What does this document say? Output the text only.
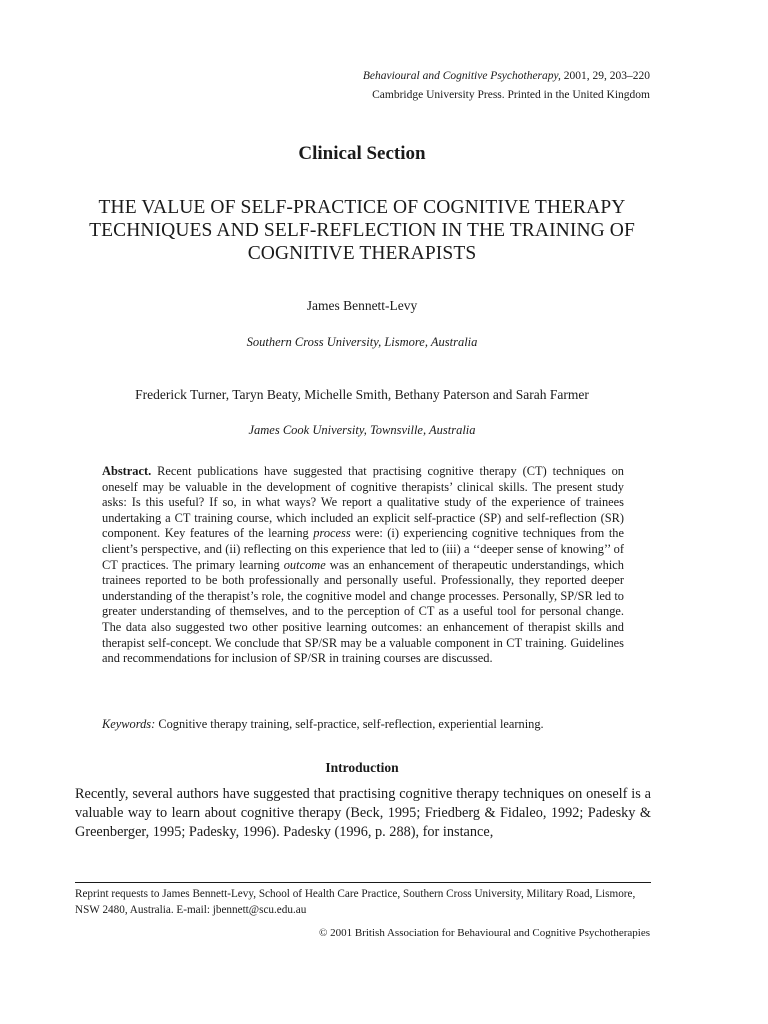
Behavioural and Cognitive Psychotherapy, 2001, 29, 203–220
Cambridge University Press. Printed in the United Kingdom
Clinical Section
THE VALUE OF SELF-PRACTICE OF COGNITIVE THERAPY TECHNIQUES AND SELF-REFLECTION IN THE TRAINING OF COGNITIVE THERAPISTS
James Bennett-Levy
Southern Cross University, Lismore, Australia
Frederick Turner, Taryn Beaty, Michelle Smith, Bethany Paterson and Sarah Farmer
James Cook University, Townsville, Australia
Abstract. Recent publications have suggested that practising cognitive therapy (CT) techniques on oneself may be valuable in the development of cognitive therapists’ clinical skills. The present study asks: Is this useful? If so, in what ways? We report a qualitative study of the experience of trainees undertaking a CT training course, which included an explicit self-practice (SP) and self-reflection (SR) component. Key features of the learning process were: (i) experiencing cognitive techniques from the client’s perspective, and (ii) reflecting on this experience that led to (iii) a ‘‘deeper sense of knowing’’ of CT practices. The primary learning outcome was an enhancement of therapeutic understandings, which trainees reported to be both professionally and personally useful. Professionally, they reported deeper understanding of the therapist’s role, the cognitive model and change processes. Personally, SP/SR led to greater understanding of themselves, and to the perception of CT as a useful tool for personal change. The data also suggested two other positive learning outcomes: an enhancement of therapist skills and therapist self-concept. We conclude that SP/SR may be a valuable component in CT training. Guidelines and recommendations for inclusion of SP/SR in training courses are discussed.
Keywords: Cognitive therapy training, self-practice, self-reflection, experiential learning.
Introduction
Recently, several authors have suggested that practising cognitive therapy techniques on oneself is a valuable way to learn about cognitive therapy (Beck, 1995; Friedberg & Fidaleo, 1992; Padesky & Greenberger, 1995; Padesky, 1996). Padesky (1996, p. 288), for instance,
Reprint requests to James Bennett-Levy, School of Health Care Practice, Southern Cross University, Military Road, Lismore, NSW 2480, Australia. E-mail: jbennett@scu.edu.au
© 2001 British Association for Behavioural and Cognitive Psychotherapies
